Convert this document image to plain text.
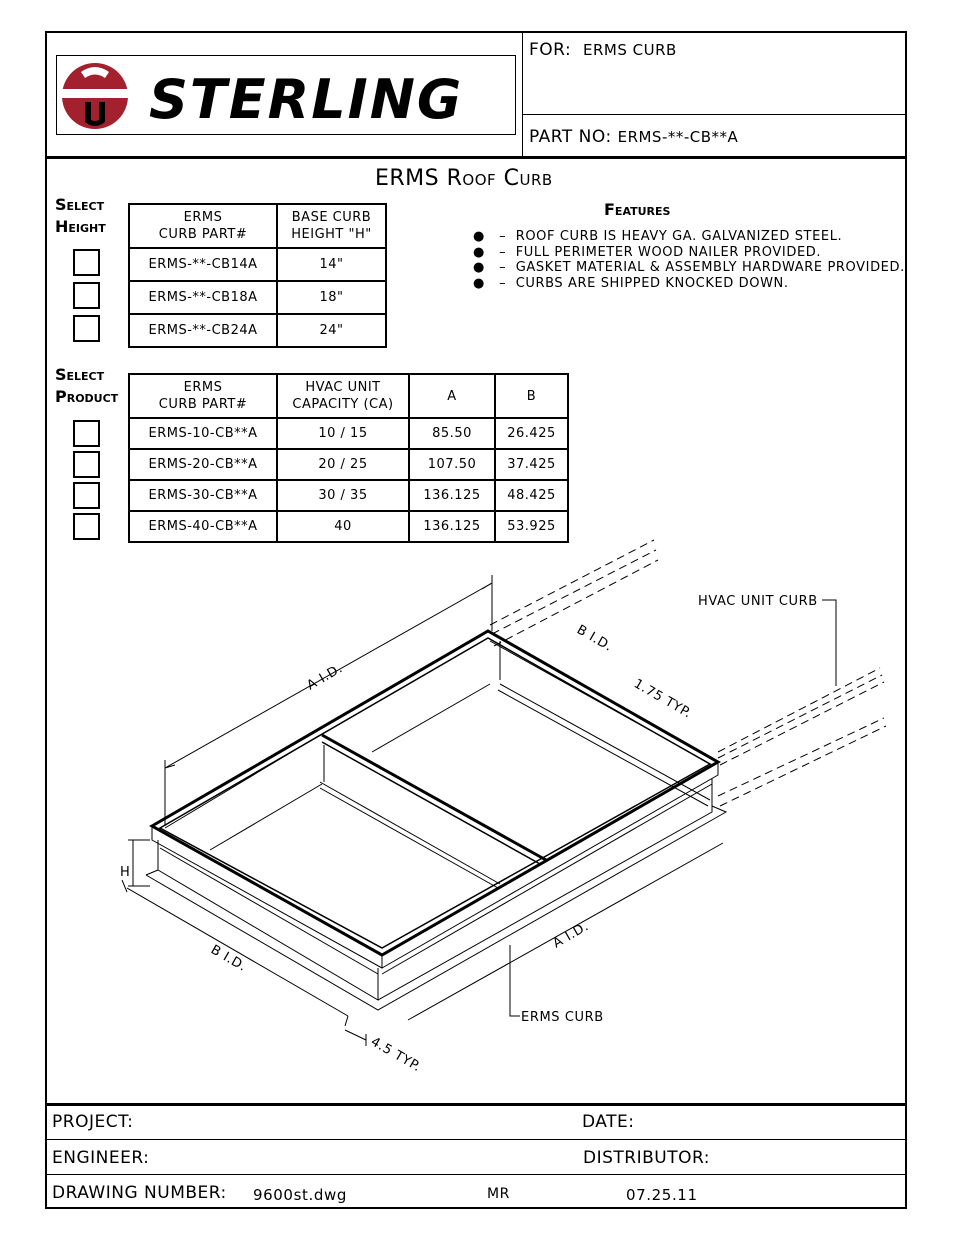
STERLING
FOR: ERMS CURB
PART NO: ERMS-**-CB**A
ERMS Roof Curb
Select
Height	ERMS
CURB PART#	BASE CURB
HEIGHT "H"
ERMS-**-CB14A	14"
ERMS-**-CB18A	18"
ERMS-**-CB24A	24"
Features
●   –  ROOF CURB IS HEAVY GA. GALVANIZED STEEL.
●   –  FULL PERIMETER WOOD NAILER PROVIDED.
●   –  GASKET MATERIAL & ASSEMBLY HARDWARE PROVIDED.
●   –  CURBS ARE SHIPPED KNOCKED DOWN.
Select
Product	ERMS
CURB PART#	HVAC UNIT
CAPACITY (CA)	A	B
ERMS-10-CB**A	10 / 15	85.50	26.425
ERMS-20-CB**A	20 / 25	107.50	37.425
ERMS-30-CB**A	30 / 35	136.125	48.425
ERMS-40-CB**A	40	136.125	53.925
A I.D.
B I.D.
1.75 TYP.
HVAC UNIT CURB
H
B I.D.
A I.D.
ERMS CURB
4.5 TYP.
PROJECT:	DATE:
ENGINEER:	DISTRIBUTOR:
DRAWING NUMBER: 9600st.dwg	MR	07.25.11
